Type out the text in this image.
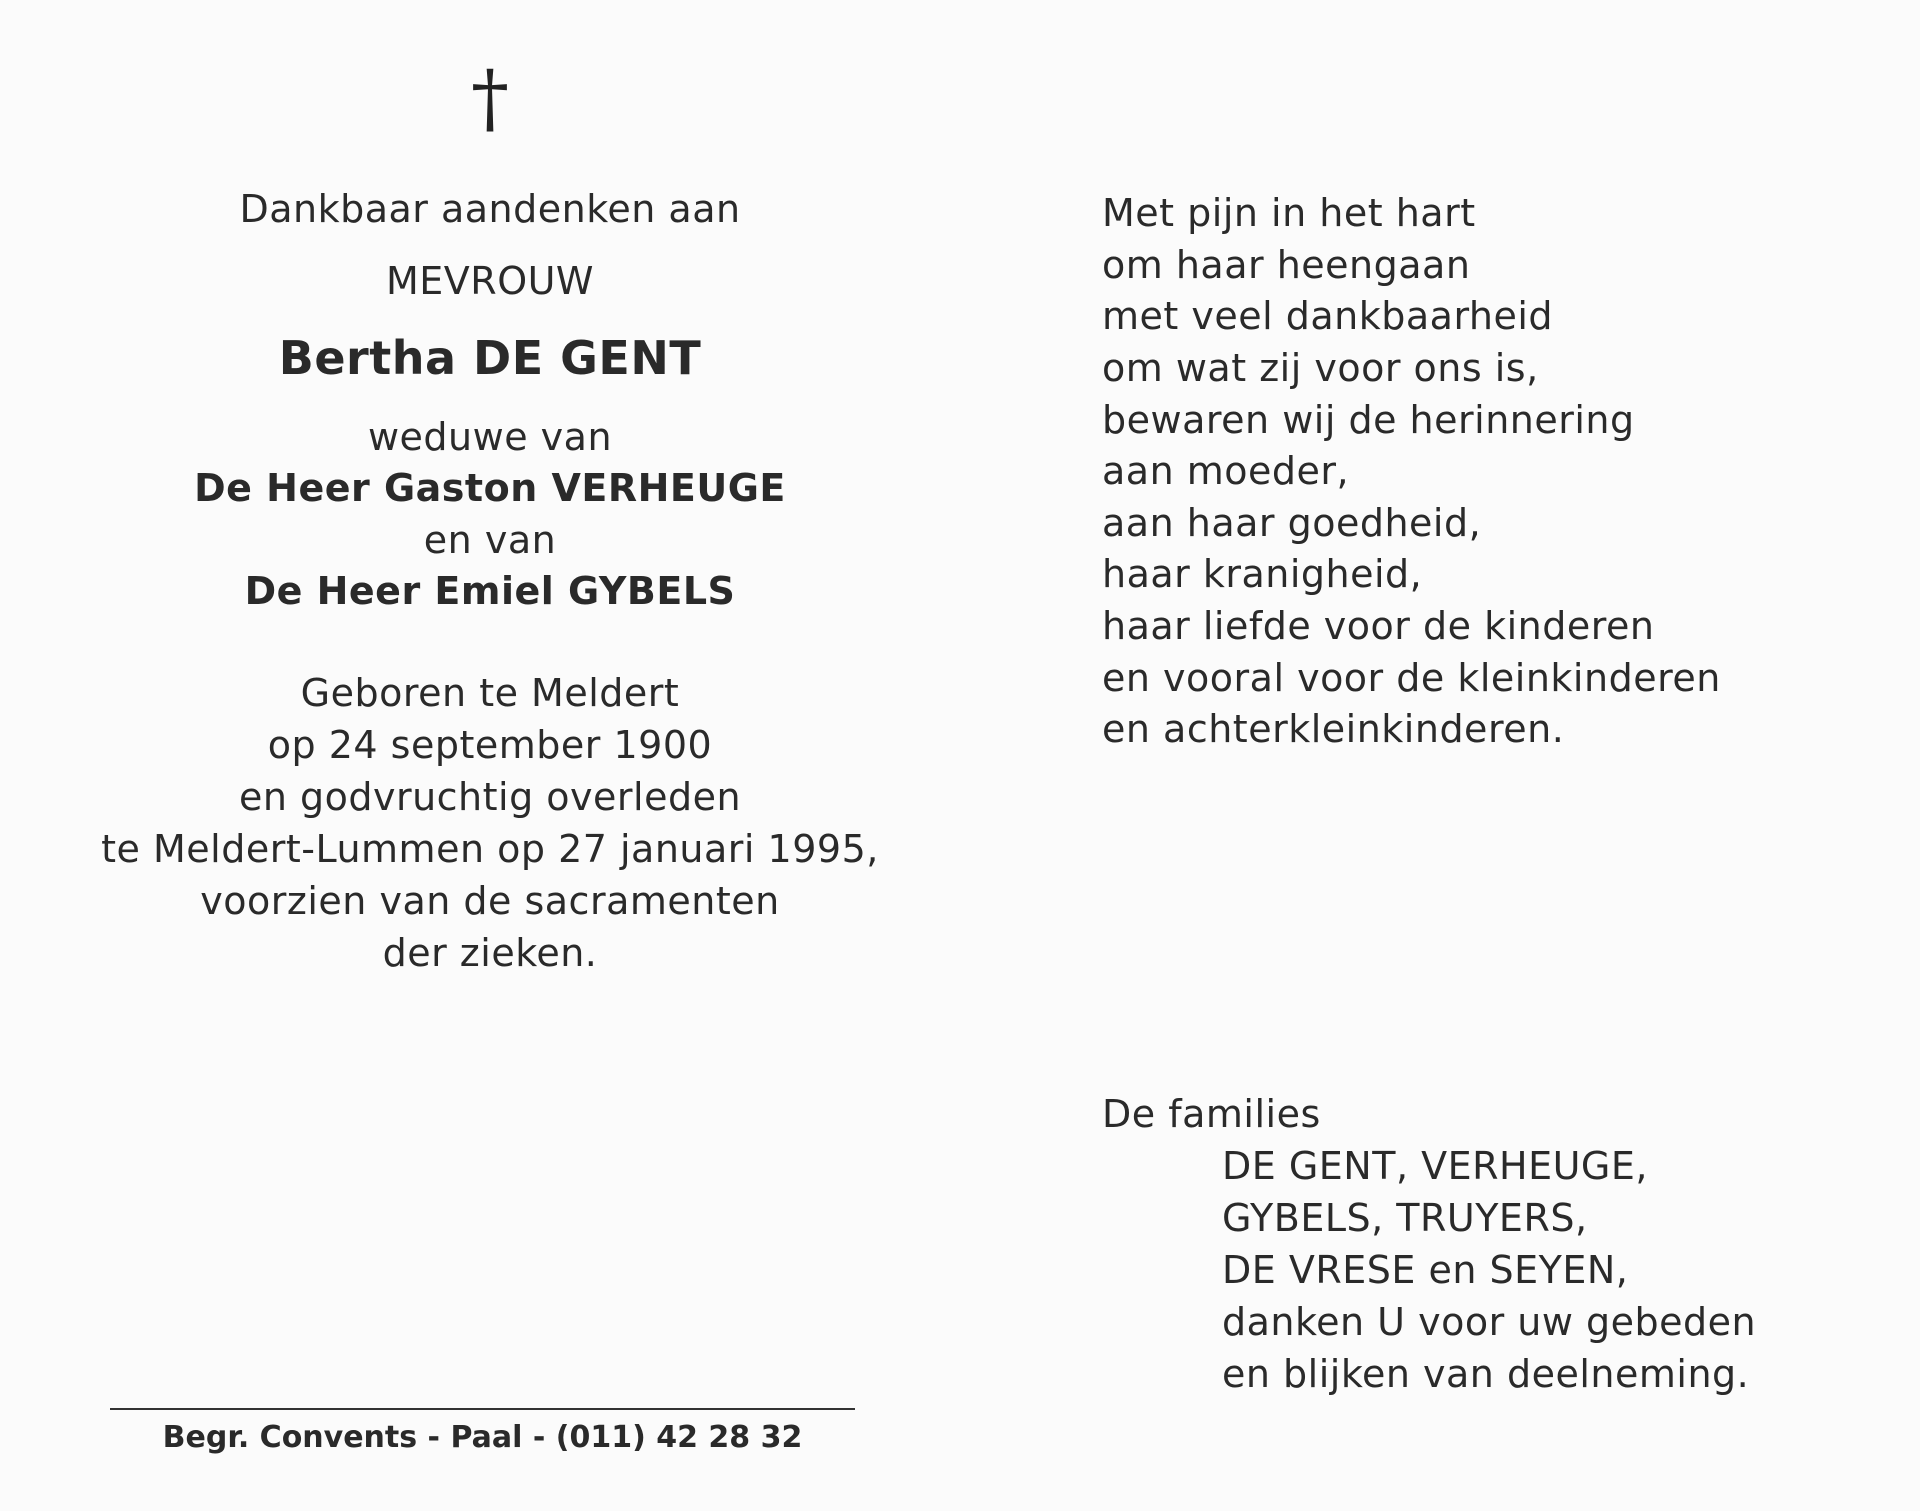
†
Dankbaar aandenken aan
MEVROUW
Bertha DE GENT
weduwe van
De Heer Gaston VERHEUGE
en van
De Heer Emiel GYBELS
Geboren te Meldert
op 24 september 1900
en godvruchtig overleden
te Meldert-Lummen op 27 januari 1995,
voorzien van de sacramenten
der zieken.
Met pijn in het hart
om haar heengaan
met veel dankbaarheid
om wat zij voor ons is,
bewaren wij de herinnering
aan moeder,
aan haar goedheid,
haar kranigheid,
haar liefde voor de kinderen
en vooral voor de kleinkinderen
en achterkleinkinderen.
De families
DE GENT, VERHEUGE,
GYBELS, TRUYERS,
DE VRESE en SEYEN,
danken U voor uw gebeden
en blijken van deelneming.
Begr. Convents - Paal - (011) 42 28 32
